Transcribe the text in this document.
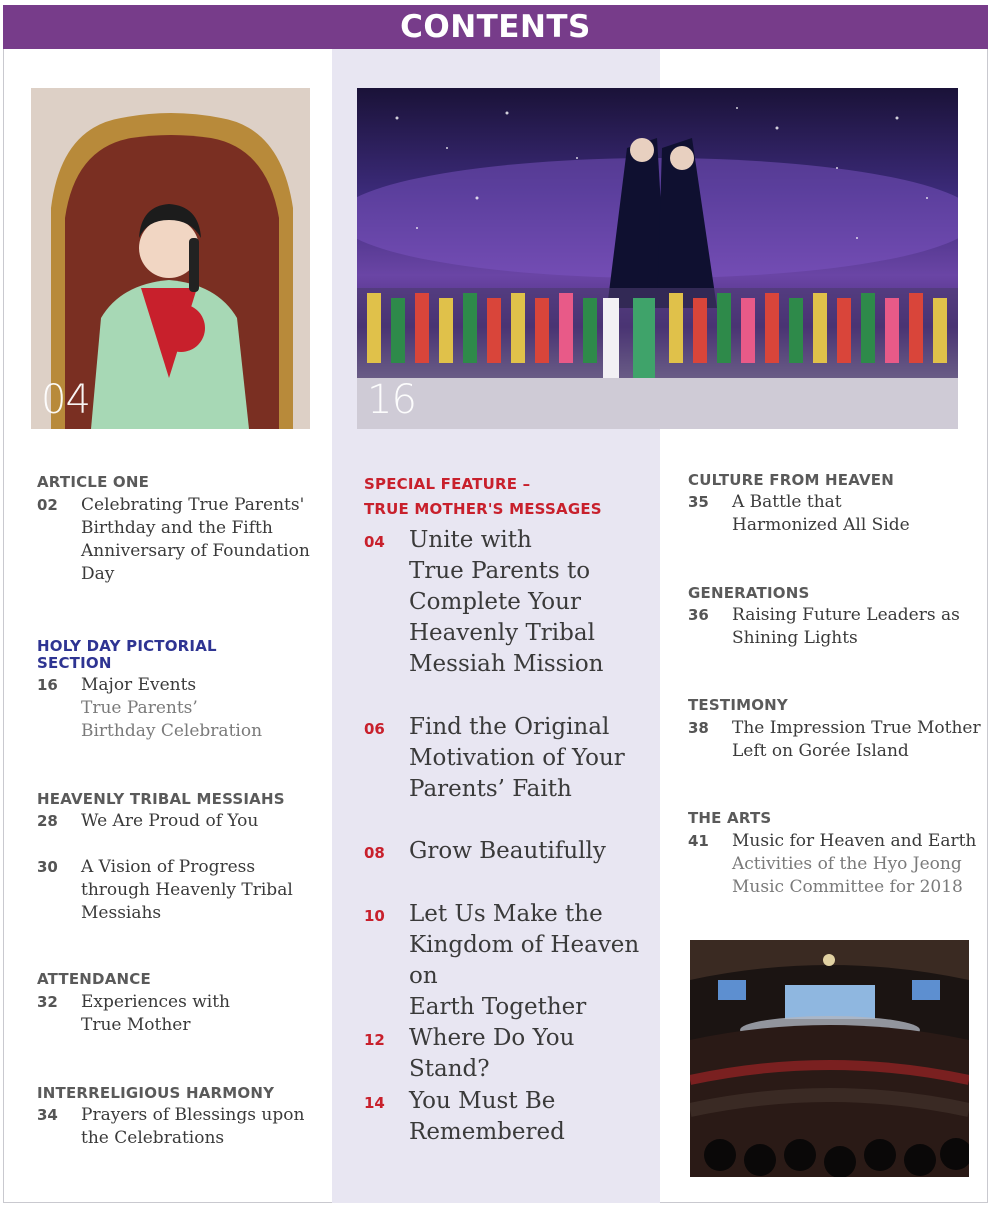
CONTENTS
04	16
ARTICLE ONE
02	Celebrating True Parents'
Birthday and the Fifth
Anniversary of Foundation
Day
HOLY DAY PICTORIAL
SECTION
16	Major Events
True Parents’
Birthday Celebration
HEAVENLY TRIBAL MESSIAHS
28	We Are Proud of You
30	A Vision of Progress
through Heavenly Tribal
Messiahs
ATTENDANCE
32	Experiences with
True Mother
INTERRELIGIOUS HARMONY
34	Prayers of Blessings upon
the Celebrations
SPECIAL FEATURE –
TRUE MOTHER'S MESSAGES
04	Unite with
True Parents to
Complete Your
Heavenly Tribal
Messiah Mission
06	Find the Original
Motivation of Your
Parents’ Faith
08	Grow Beautifully
10	Let Us Make the
Kingdom of Heaven on
Earth Together
12	Where Do You Stand?
14	You Must Be
Remembered
CULTURE FROM HEAVEN
35	A Battle that
Harmonized All Side
GENERATIONS
36	Raising Future Leaders as
Shining Lights
TESTIMONY
38	The Impression True Mother
Left on Gorée Island
THE ARTS
41	Music for Heaven and Earth
Activities of the Hyo Jeong
Music Committee for 2018
